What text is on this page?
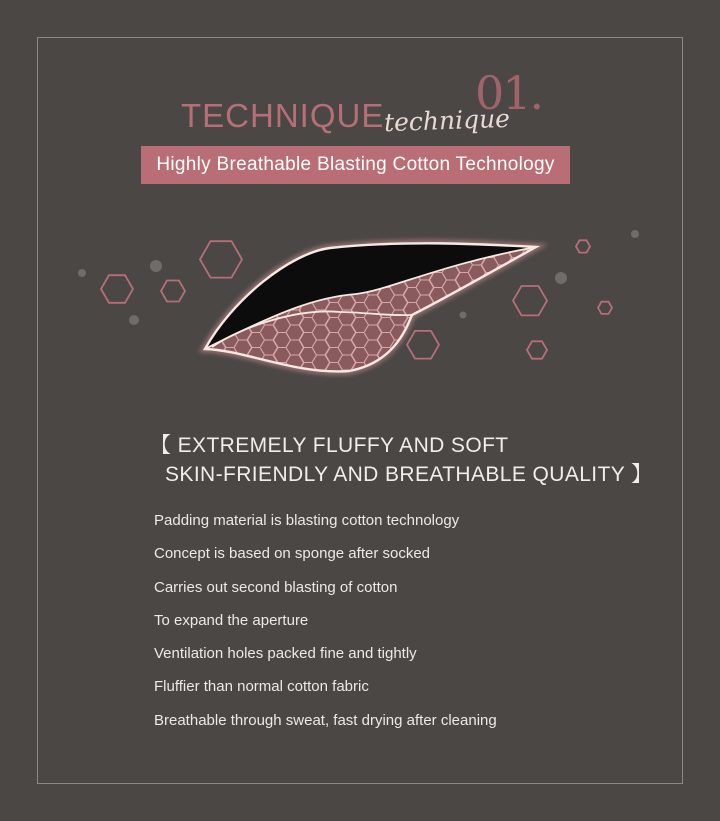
01.
TECHNIQUE technique
Highly Breathable Blasting Cotton Technology
【 EXTREMELY FLUFFY AND SOFT
SKIN-FRIENDLY AND BREATHABLE QUALITY 】
Padding material is blasting cotton technology
Concept is based on sponge after socked
Carries out second blasting of cotton
To expand the aperture
Ventilation holes packed fine and tightly
Fluffier than normal cotton fabric
Breathable through sweat, fast drying after cleaning
